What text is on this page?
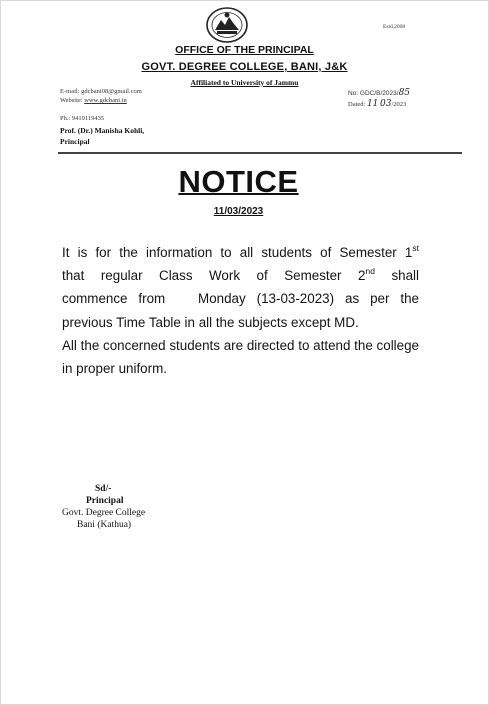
Estd.2008
OFFICE OF THE PRINCIPAL
GOVT. DEGREE COLLEGE, BANI, J&K
Affiliated to University of Jammu
E-mail: gdcbani08@gmail.com
Website: www.gdcbani.in
Ph.: 9419119435
Prof. (Dr.) Manisha Kohli,
Principal
No: GDC/B/2023/85
Dated: 11 03/2023
NOTICE
11/03/2023
It is for the information to all students of Semester 1st
that regular Class Work of Semester 2nd shall
commence from   Monday (13-03-2023) as per the
previous Time Table in all the subjects except MD.

All the concerned students are directed to attend the college in proper uniform.

Sd/-
Principal
Govt. Degree College
Bani (Kathua)
